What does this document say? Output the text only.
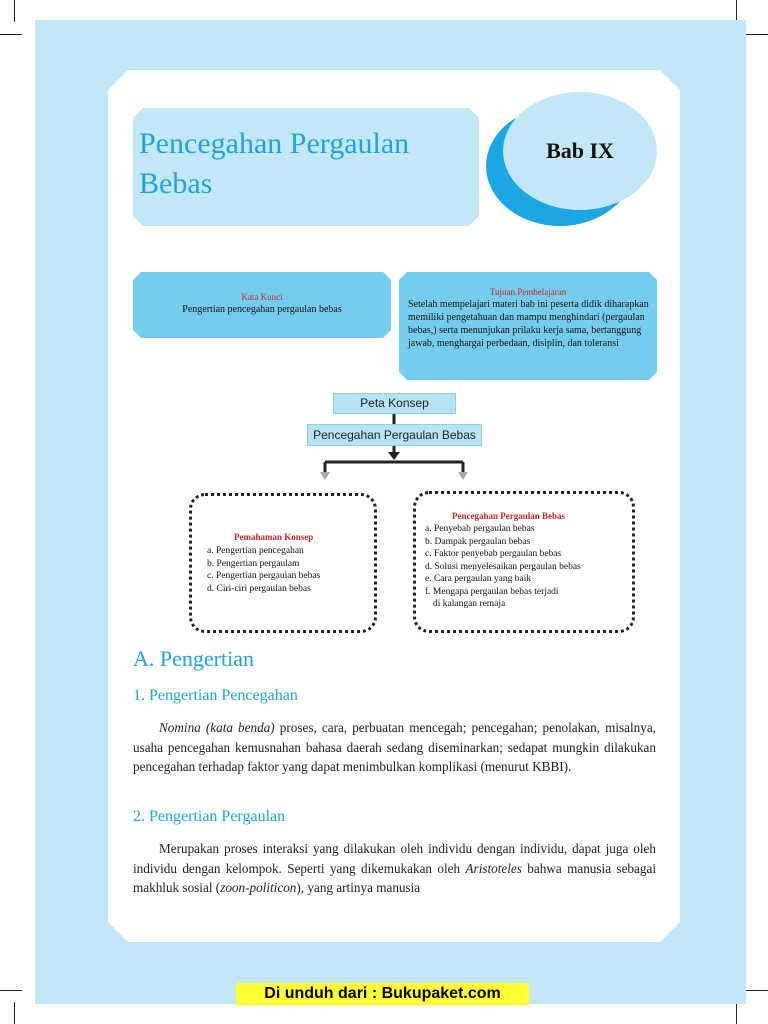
Pencegahan Pergaulan Bebas
Bab IX
Kata Kunci
Pengertian pencegahan pergaulan bebas
Tujuan Pembelajaran
Setelah mempelajari materi bab ini peserta didik diharapkan memiliki pengetahuan dan mampu menghindari (pergaulan bebas,) serta menunjukan prilaku kerja sama, bertanggung jawab, menghargai perbedaan, disiplin, dan toleransi
Peta Konsep
Pencegahan Pergaulan Bebas
Pemahaman Konsep
a. Pengertian pencegahan
b. Pengertian pergaulam
c. Pengertian pergaulan bebas
d. Ciri-ciri pergaulan bebas
Pencegahan Pergaulan Bebas
a. Penyebab pergaulan bebas
b. Dampak pergaulan bebas
c. Faktor penyebab pergaulan bebas
d. Solusi menyelesaikan pergaulan bebas
e. Cara pergaulan yang baik
f. Mengapa pergaulan bebas terjadi
di kalangan remaja
A. Pengertian
1. Pengertian Pencegahan

Nomina (kata benda) proses, cara, perbuatan mencegah; pencegahan; penolakan, misalnya, usaha pencegahan kemusnahan bahasa daerah sedang diseminarkan; sedapat mungkin dilakukan pencegahan terhadap faktor yang dapat menimbulkan komplikasi (menurut KBBI).

2. Pengertian Pergaulan

Merupakan proses interaksi yang dilakukan oleh individu dengan individu, dapat juga oleh individu dengan kelompok. Seperti yang dikemukakan oleh Aristoteles bahwa manusia sebagai makhluk sosial (zoon-politicon), yang artinya manusia

Di unduh dari : Bukupaket.com
